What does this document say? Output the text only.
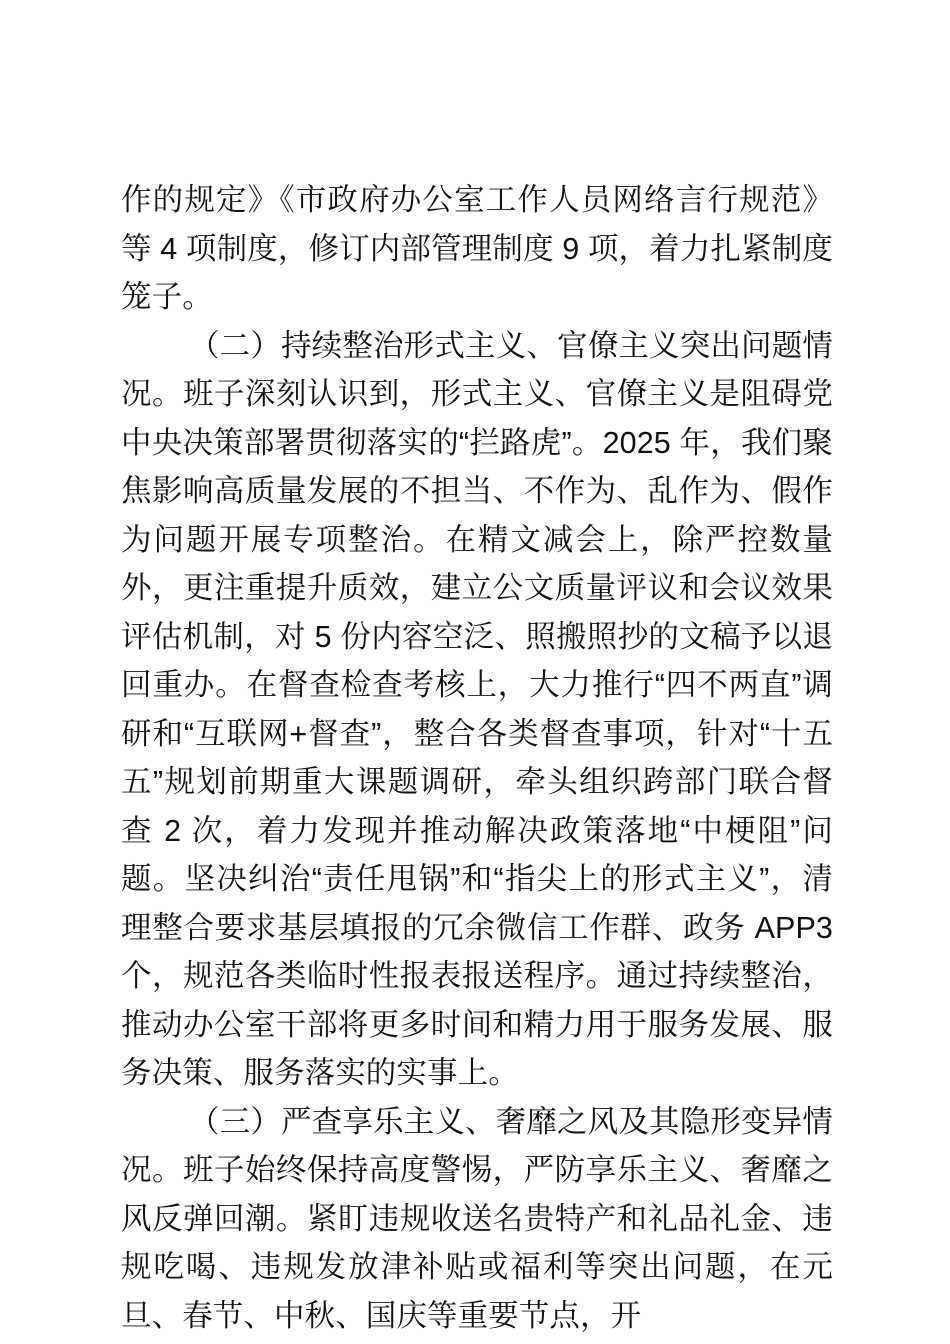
作的规定》《市政府办公室工作人员网络言行规范》等 4 项制度，修订内部管理制度 9 项，着力扎紧制度笼子。

（二）持续整治形式主义、官僚主义突出问题情况。班子深刻认识到，形式主义、官僚主义是阻碍党中央决策部署贯彻落实的“拦路虎”。2025 年，我们聚焦影响高质量发展的不担当、不作为、乱作为、假作为问题开展专项整治。在精文减会上，除严控数量外，更注重提升质效，建立公文质量评议和会议效果评估机制，对 5 份内容空泛、照搬照抄的文稿予以退回重办。在督查检查考核上，大力推行“四不两直”调研和“互联网+督查”，整合各类督查事项，针对“十五五”规划前期重大课题调研，牵头组织跨部门联合督查 2 次，着力发现并推动解决政策落地“中梗阻”问题。坚决纠治“责任甩锅”和“指尖上的形式主义”，清理整合要求基层填报的冗余微信工作群、政务 APP3 个，规范各类临时性报表报送程序。通过持续整治，推动办公室干部将更多时间和精力用于服务发展、服务决策、服务落实的实事上。

（三）严查享乐主义、奢靡之风及其隐形变异情况。班子始终保持高度警惕，严防享乐主义、奢靡之风反弹回潮。紧盯违规收送名贵特产和礼品礼金、违规吃喝、违规发放津补贴或福利等突出问题，在元旦、春节、中秋、国庆等重要节点，开
